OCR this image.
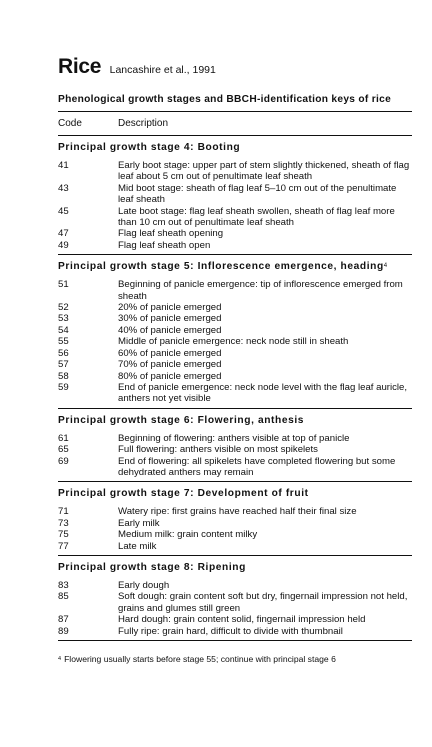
Rice Lancashire et al., 1991
Phenological growth stages and BBCH-identification keys of rice
Code	Description
Principal growth stage 4: Booting
41	Early boot stage: upper part of stem slightly thickened, sheath of flag leaf about 5 cm out of penultimate leaf sheath
43	Mid boot stage: sheath of flag leaf 5–10 cm out of the penultimate leaf sheath
45	Late boot stage: flag leaf sheath swollen, sheath of flag leaf more than 10 cm out of penultimate leaf sheath
47	Flag leaf sheath opening
49	Flag leaf sheath open
Principal growth stage 5: Inflorescence emergence, heading$^4$
51	Beginning of panicle emergence: tip of inflorescence emerged from sheath
52	20% of panicle emerged
53	30% of panicle emerged
54	40% of panicle emerged
55	Middle of panicle emergence: neck node still in sheath
56	60% of panicle emerged
57	70% of panicle emerged
58	80% of panicle emerged
59	End of panicle emergence: neck node level with the flag leaf auricle, anthers not yet visible
Principal growth stage 6: Flowering, anthesis
61	Beginning of flowering: anthers visible at top of panicle
65	Full flowering: anthers visible on most spikelets
69	End of flowering: all spikelets have completed flowering but some dehydrated anthers may remain
Principal growth stage 7: Development of fruit
71	Watery ripe: first grains have reached half their final size
73	Early milk
75	Medium milk: grain content milky
77	Late milk
Principal growth stage 8: Ripening
83	Early dough
85	Soft dough: grain content soft but dry, fingernail impression not held, grains and glumes still green
87	Hard dough: grain content solid, fingernail impression held
89	Fully ripe: grain hard, difficult to divide with thumbnail
$^4$ Flowering usually starts before stage 55; continue with principal stage 6
